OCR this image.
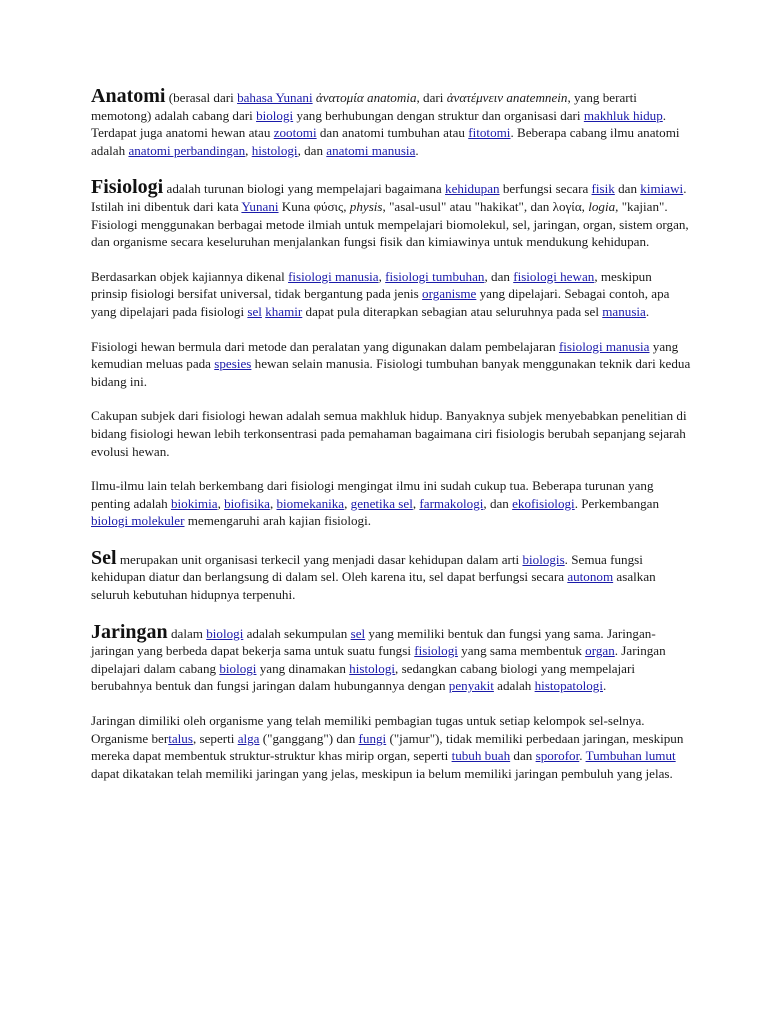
Anatomi (berasal dari bahasa Yunani ἀνατομία anatomia, dari ἀνατέμνειν anatemnein, yang berarti memotong) adalah cabang dari biologi yang berhubungan dengan struktur dan organisasi dari makhluk hidup. Terdapat juga anatomi hewan atau zootomi dan anatomi tumbuhan atau fitotomi. Beberapa cabang ilmu anatomi adalah anatomi perbandingan, histologi, dan anatomi manusia.

Fisiologi adalah turunan biologi yang mempelajari bagaimana kehidupan berfungsi secara fisik dan kimiawi. Istilah ini dibentuk dari kata Yunani Kuna φύσις, physis, "asal-usul" atau "hakikat", dan λογία, logia, "kajian". Fisiologi menggunakan berbagai metode ilmiah untuk mempelajari biomolekul, sel, jaringan, organ, sistem organ, dan organisme secara keseluruhan menjalankan fungsi fisik dan kimiawinya untuk mendukung kehidupan.

Berdasarkan objek kajiannya dikenal fisiologi manusia, fisiologi tumbuhan, dan fisiologi hewan, meskipun prinsip fisiologi bersifat universal, tidak bergantung pada jenis organisme yang dipelajari. Sebagai contoh, apa yang dipelajari pada fisiologi sel khamir dapat pula diterapkan sebagian atau seluruhnya pada sel manusia.

Fisiologi hewan bermula dari metode dan peralatan yang digunakan dalam pembelajaran fisiologi manusia yang kemudian meluas pada spesies hewan selain manusia. Fisiologi tumbuhan banyak menggunakan teknik dari kedua bidang ini.

Cakupan subjek dari fisiologi hewan adalah semua makhluk hidup. Banyaknya subjek menyebabkan penelitian di bidang fisiologi hewan lebih terkonsentrasi pada pemahaman bagaimana ciri fisiologis berubah sepanjang sejarah evolusi hewan.

Ilmu-ilmu lain telah berkembang dari fisiologi mengingat ilmu ini sudah cukup tua. Beberapa turunan yang penting adalah biokimia, biofisika, biomekanika, genetika sel, farmakologi, dan ekofisiologi. Perkembangan biologi molekuler memengaruhi arah kajian fisiologi.

Sel merupakan unit organisasi terkecil yang menjadi dasar kehidupan dalam arti biologis. Semua fungsi kehidupan diatur dan berlangsung di dalam sel. Oleh karena itu, sel dapat berfungsi secara autonom asalkan seluruh kebutuhan hidupnya terpenuhi.

Jaringan dalam biologi adalah sekumpulan sel yang memiliki bentuk dan fungsi yang sama. Jaringan-jaringan yang berbeda dapat bekerja sama untuk suatu fungsi fisiologi yang sama membentuk organ. Jaringan dipelajari dalam cabang biologi yang dinamakan histologi, sedangkan cabang biologi yang mempelajari berubahnya bentuk dan fungsi jaringan dalam hubungannya dengan penyakit adalah histopatologi.

Jaringan dimiliki oleh organisme yang telah memiliki pembagian tugas untuk setiap kelompok sel-selnya. Organisme bertalus, seperti alga ("ganggang") dan fungi ("jamur"), tidak memiliki perbedaan jaringan, meskipun mereka dapat membentuk struktur-struktur khas mirip organ, seperti tubuh buah dan sporofor. Tumbuhan lumut dapat dikatakan telah memiliki jaringan yang jelas, meskipun ia belum memiliki jaringan pembuluh yang jelas.
